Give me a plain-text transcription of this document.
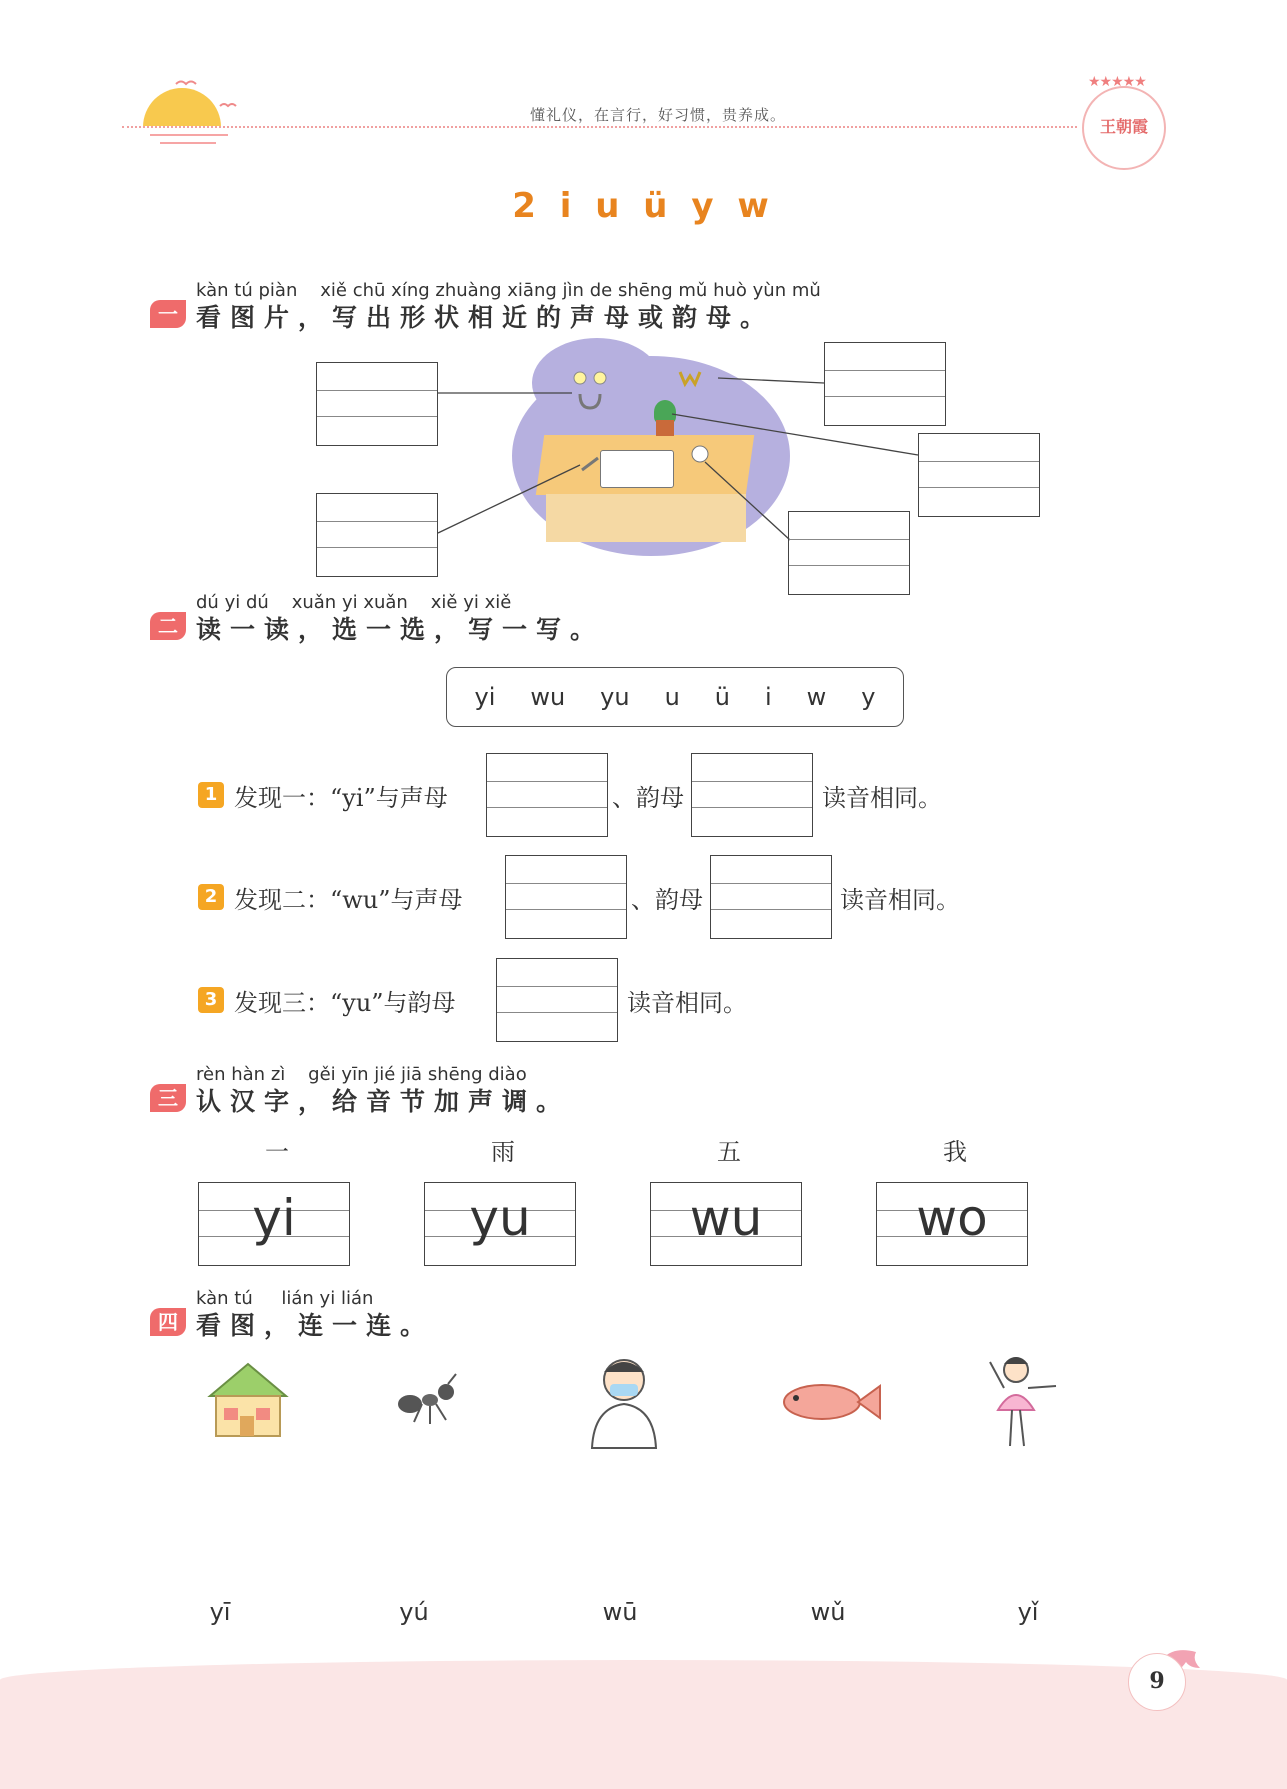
懂礼仪，在言行，好习惯，贵养成。
★★★★★
王朝霞
2 i u ü y w
一
kàn tú piàn xiě chū xíng zhuàng xiāng jìn de shēng mǔ huò yùn mǔ
看图片，写出形状相近的声母或韵母。
二
dú yi dú xuǎn yi xuǎn xiě yi xiě
读一读，选一选，写一写。
yi wu yu u ü i w y
1 发现一：“yi”与声母	、韵母	读音相同。
2 发现二：“wu”与声母	、韵母	读音相同。
3 发现三：“yu”与韵母	读音相同。
三
rèn hàn zì gěi yīn jié jiā shēng diào
认汉字，给音节加声调。
一	雨	五	我
yi	yu	wu	wo
四
kàn tú lián yi lián
看图，连一连。
yī	yú	wū	wǔ	yǐ
9
